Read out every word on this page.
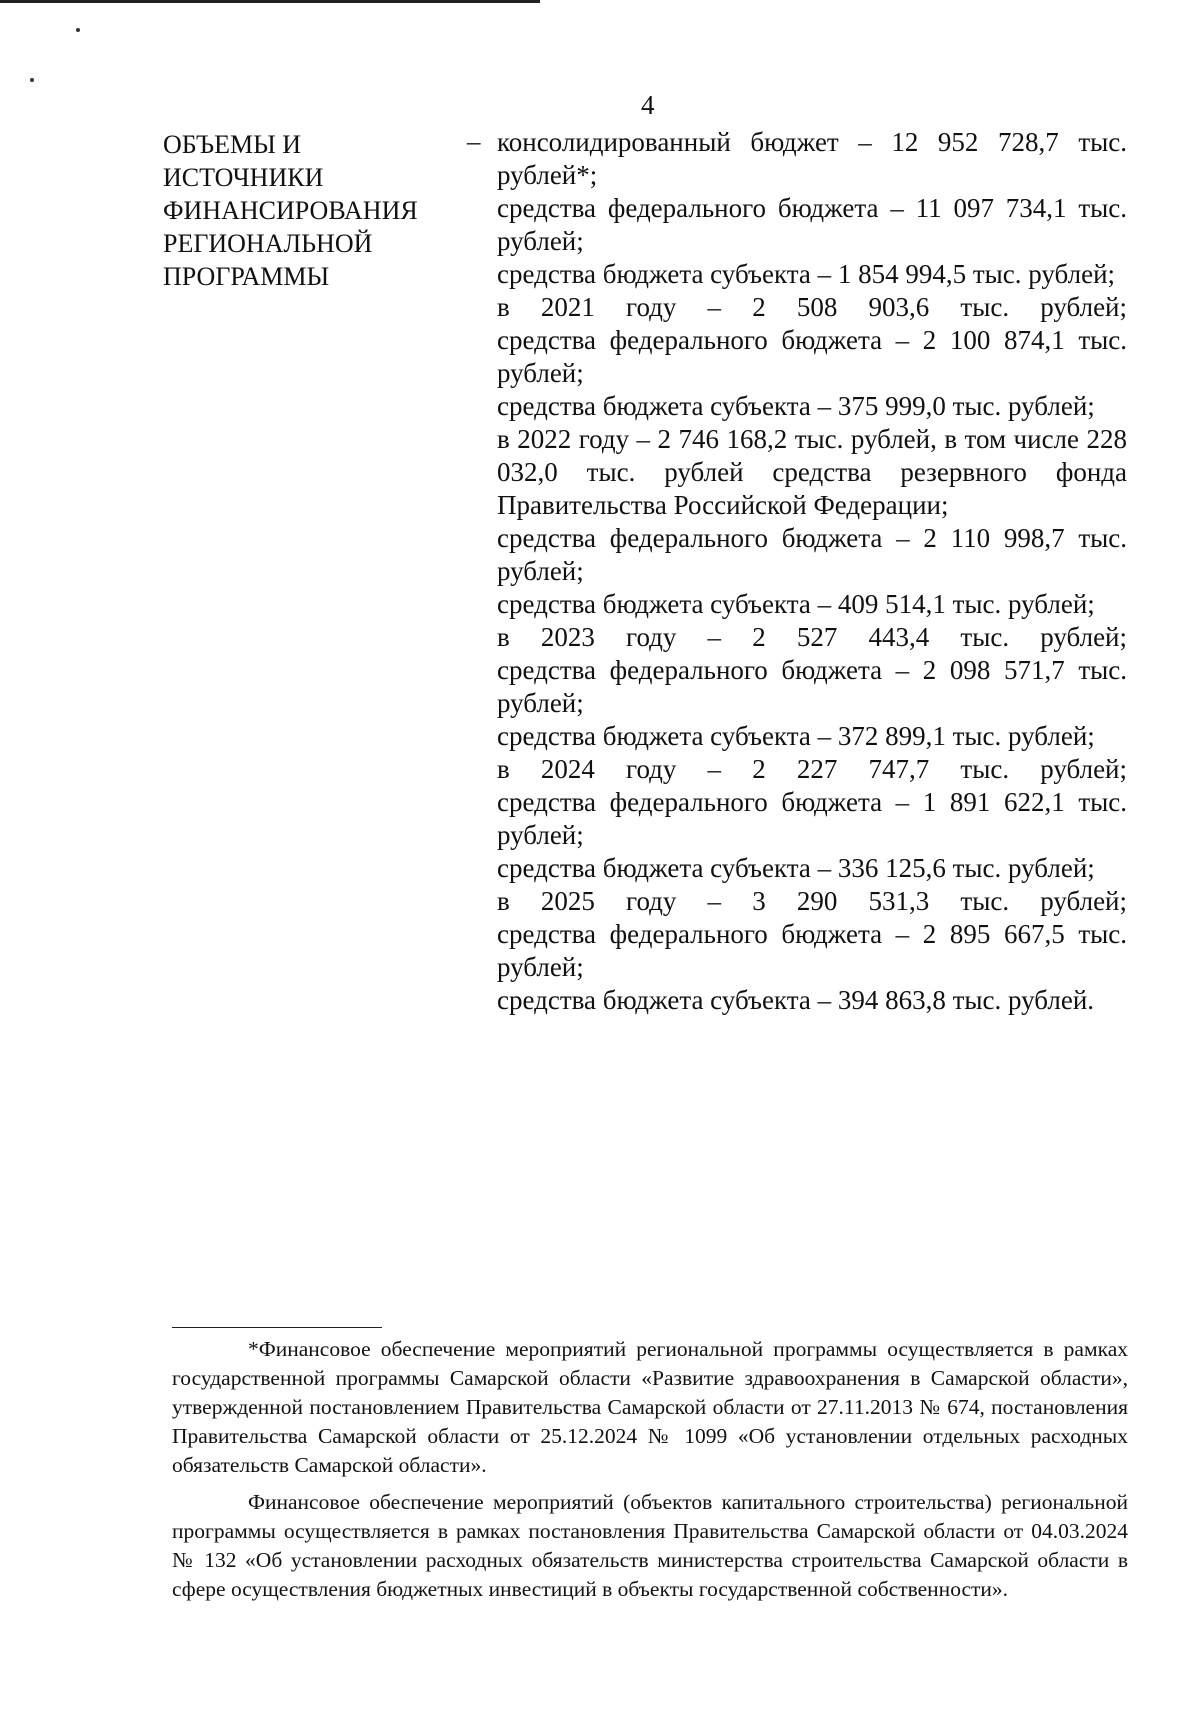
4
ОБЪЕМЫ И
ИСТОЧНИКИ
ФИНАНСИРОВАНИЯ
РЕГИОНАЛЬНОЙ
ПРОГРАММЫ
– консолидированный бюджет – 12 952 728,7 тыс. рублей*;
средства федерального бюджета – 11 097 734,1 тыс. рублей;
средства бюджета субъекта – 1 854 994,5 тыс. рублей;
в 2021 году – 2 508 903,6 тыс. рублей;
средства федерального бюджета – 2 100 874,1 тыс. рублей;
средства бюджета субъекта – 375 999,0 тыс. рублей;
в 2022 году – 2 746 168,2 тыс. рублей, в том числе 228 032,0 тыс. рублей средства резервного фонда Правительства Российской Федерации;
средства федерального бюджета – 2 110 998,7 тыс. рублей;
средства бюджета субъекта – 409 514,1 тыс. рублей;
в 2023 году – 2 527 443,4 тыс. рублей;
средства федерального бюджета – 2 098 571,7 тыс. рублей;
средства бюджета субъекта – 372 899,1 тыс. рублей;
в 2024 году – 2 227 747,7 тыс. рублей;
средства федерального бюджета – 1 891 622,1 тыс. рублей;
средства бюджета субъекта – 336 125,6 тыс. рублей;
в 2025 году – 3 290 531,3 тыс. рублей;
средства федерального бюджета – 2 895 667,5 тыс. рублей;
средства бюджета субъекта – 394 863,8 тыс. рублей.

*Финансовое обеспечение мероприятий региональной программы осуществляется в рамках государственной программы Самарской области «Развитие здравоохранения в Самарской области», утвержденной постановлением Правительства Самарской области от 27.11.2013 № 674, постановления Правительства Самарской области от 25.12.2024 № 1099 «Об установлении отдельных расходных обязательств Самарской области».

Финансовое обеспечение мероприятий (объектов капитального строительства) региональной программы осуществляется в рамках постановления Правительства Самарской области от 04.03.2024 № 132 «Об установлении расходных обязательств министерства строительства Самарской области в сфере осуществления бюджетных инвестиций в объекты государственной собственности».
